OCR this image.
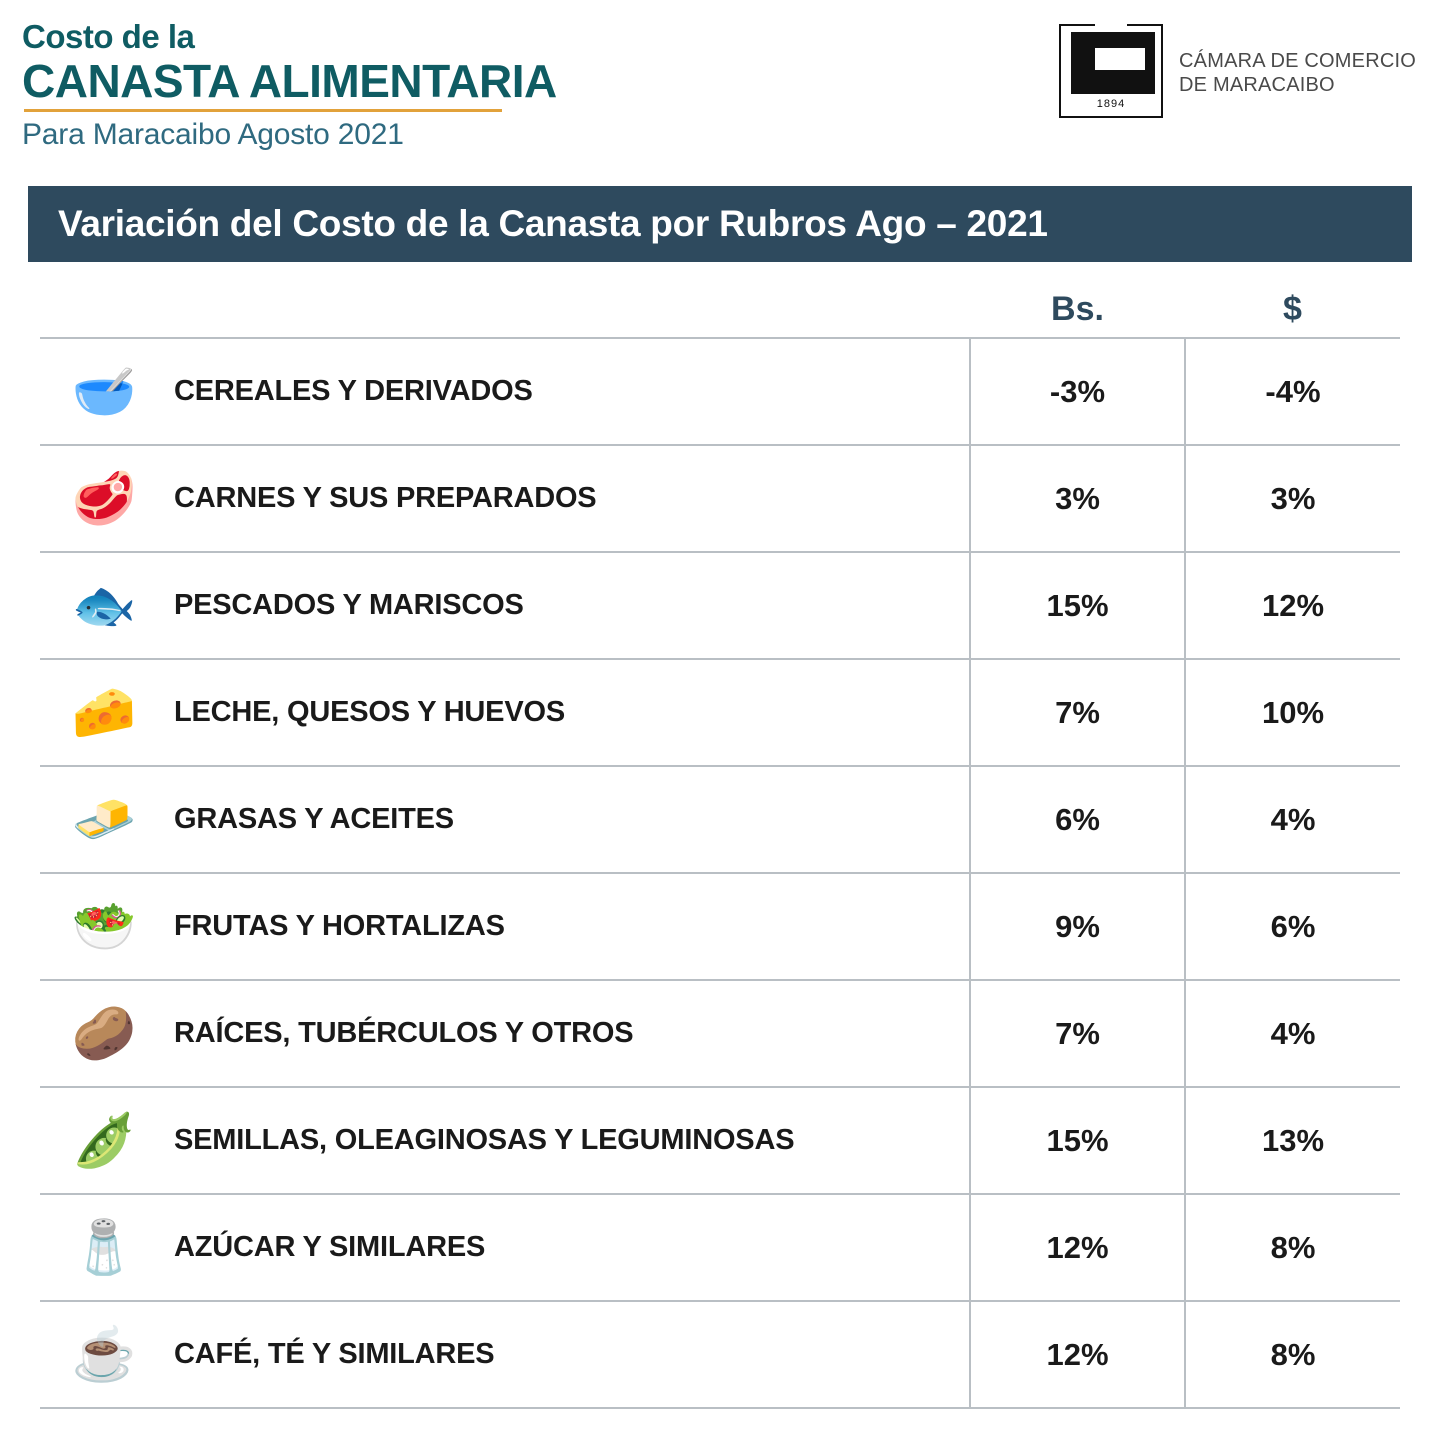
Costo de la
CANASTA ALIMENTARIA
Para Maracaibo Agosto 2021
1894
CÁMARA DE COMERCIO
DE MARACAIBO
Variación del Costo de la Canasta por Rubros Ago – 2021
		Bs.	$
🥣	CEREALES Y DERIVADOS	-3%	-4%
🥩	CARNES Y SUS PREPARADOS	3%	3%
🐟	PESCADOS Y MARISCOS	15%	12%
🧀	LECHE, QUESOS Y HUEVOS	7%	10%
🧈	GRASAS Y ACEITES	6%	4%
🥗	FRUTAS Y HORTALIZAS	9%	6%
🥔	RAÍCES, TUBÉRCULOS Y OTROS	7%	4%
🫛	SEMILLAS, OLEAGINOSAS Y LEGUMINOSAS	15%	13%
🧂	AZÚCAR Y SIMILARES	12%	8%
☕	CAFÉ, TÉ Y SIMILARES	12%	8%
